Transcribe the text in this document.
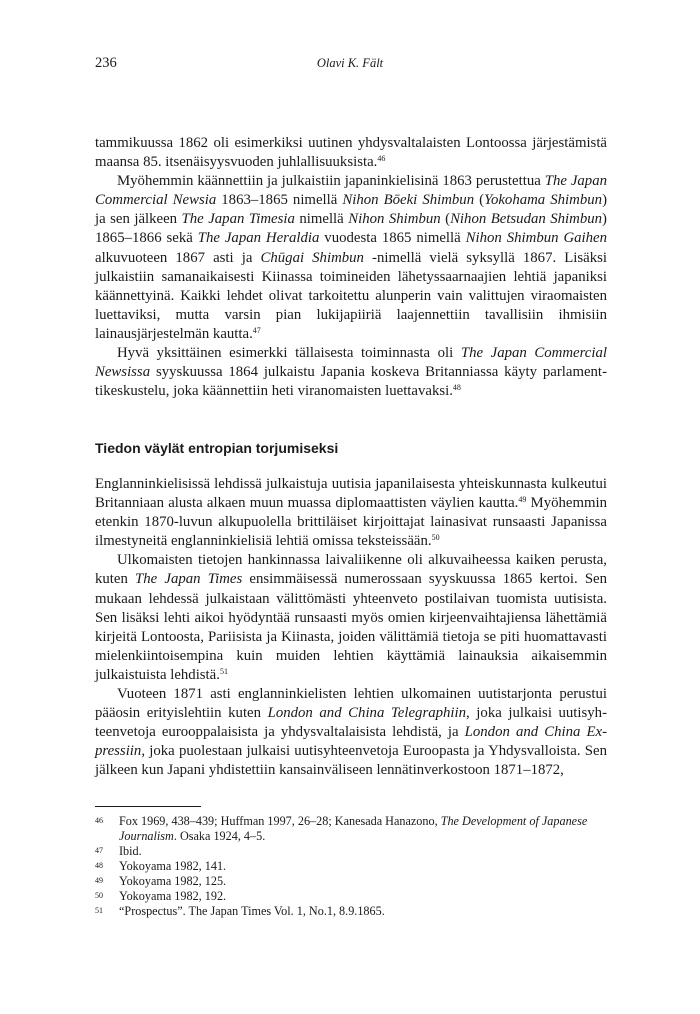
236	Olavi K. Fält

tammikuussa 1862 oli esimerkiksi uutinen yhdysvaltalaisten Lontoossa järjestämistä maansa 85. itsenäisyysvuoden juhlallisuuksista.$^{46}$

Myöhemmin käännettiin ja julkaistiin japaninkielisinä 1863 perustettua The Japan Commercial Newsia 1863–1865 nimellä Nihon Bōeki Shimbun (Yokohama Shimbun) ja sen jälkeen The Japan Timesia nimellä Nihon Shimbun (Nihon Betsudan Shimbun) 1865–1866 sekä The Japan Heraldia vuodesta 1865 nimellä Nihon Shimbun Gaihen alkuvuoteen 1867 asti ja Chūgai Shimbun -nimellä vielä syksyllä 1867. Lisäksi julkaistiin samanaikaisesti Kiinassa toimineiden lähetyssaarnaajien lehtiä japaniksi käännettyinä. Kaikki lehdet olivat tarkoitettu alunperin vain valittujen viraomaisten luettaviksi, mutta varsin pian lukijapiiriä laajennettiin tavallisiin ihmisiin lainausjärjestelmän kautta.$^{47}$

Hyvä yksittäinen esimerkki tällaisesta toiminnasta oli The Japan Commercial Newsissa syyskuussa 1864 julkaistu Japania koskeva Britanniassa käyty parlamenttikeskustelu, joka käännettiin heti viranomaisten luettavaksi.$^{48}$

Tiedon väylät entropian torjumiseksi

Englanninkielisissä lehdissä julkaistuja uutisia japanilaisesta yhteiskunnasta kulkeutui Britanniaan alusta alkaen muun muassa diplomaattisten väylien kautta.$^{49}$ Myöhemmin etenkin 1870-luvun alkupuolella brittiläiset kirjoittajat lainasivat runsaasti Japanissa ilmestyneitä englanninkielisiä lehtiä omissa teksteissään.$^{50}$

Ulkomaisten tietojen hankinnassa laivaliikenne oli alkuvaiheessa kaiken perusta, kuten The Japan Times ensimmäisessä numerossaan syyskuussa 1865 kertoi. Sen mukaan lehdessä julkaistaan välittömästi yhteenveto postilaivan tuomista uutisista. Sen lisäksi lehti aikoi hyödyntää runsaasti myös omien kirjeenvaihtajiensa lähettämiä kirjeitä Lontoosta, Pariisista ja Kiinasta, joiden välittämiä tietoja se piti huomattavasti mielenkiintoisempina kuin muiden lehtien käyttämiä lainauksia aikaisemmin julkaistuista lehdistä.$^{51}$

Vuoteen 1871 asti englanninkielisten lehtien ulkomainen uutistarjonta perustui pääosin erityislehtiin kuten London and China Telegraphiin, joka julkaisi uutisyhteenvetoja eurooppalaisista ja yhdysvaltalaisista lehdistä, ja London and China Expressiin, joka puolestaan julkaisi uutisyhteenvetoja Euroopasta ja Yhdysvalloista. Sen jälkeen kun Japani yhdistettiin kansainväliseen lennätinverkostoon 1871–1872,

46	Fox 1969, 438–439; Huffman 1997, 26–28; Kanesada Hanazono, The Development of Japanese Journalism. Osaka 1924, 4–5.
47	Ibid.
48	Yokoyama 1982, 141.
49	Yokoyama 1982, 125.
50	Yokoyama 1982, 192.
51	“Prospectus”. The Japan Times Vol. 1, No.1, 8.9.1865.
